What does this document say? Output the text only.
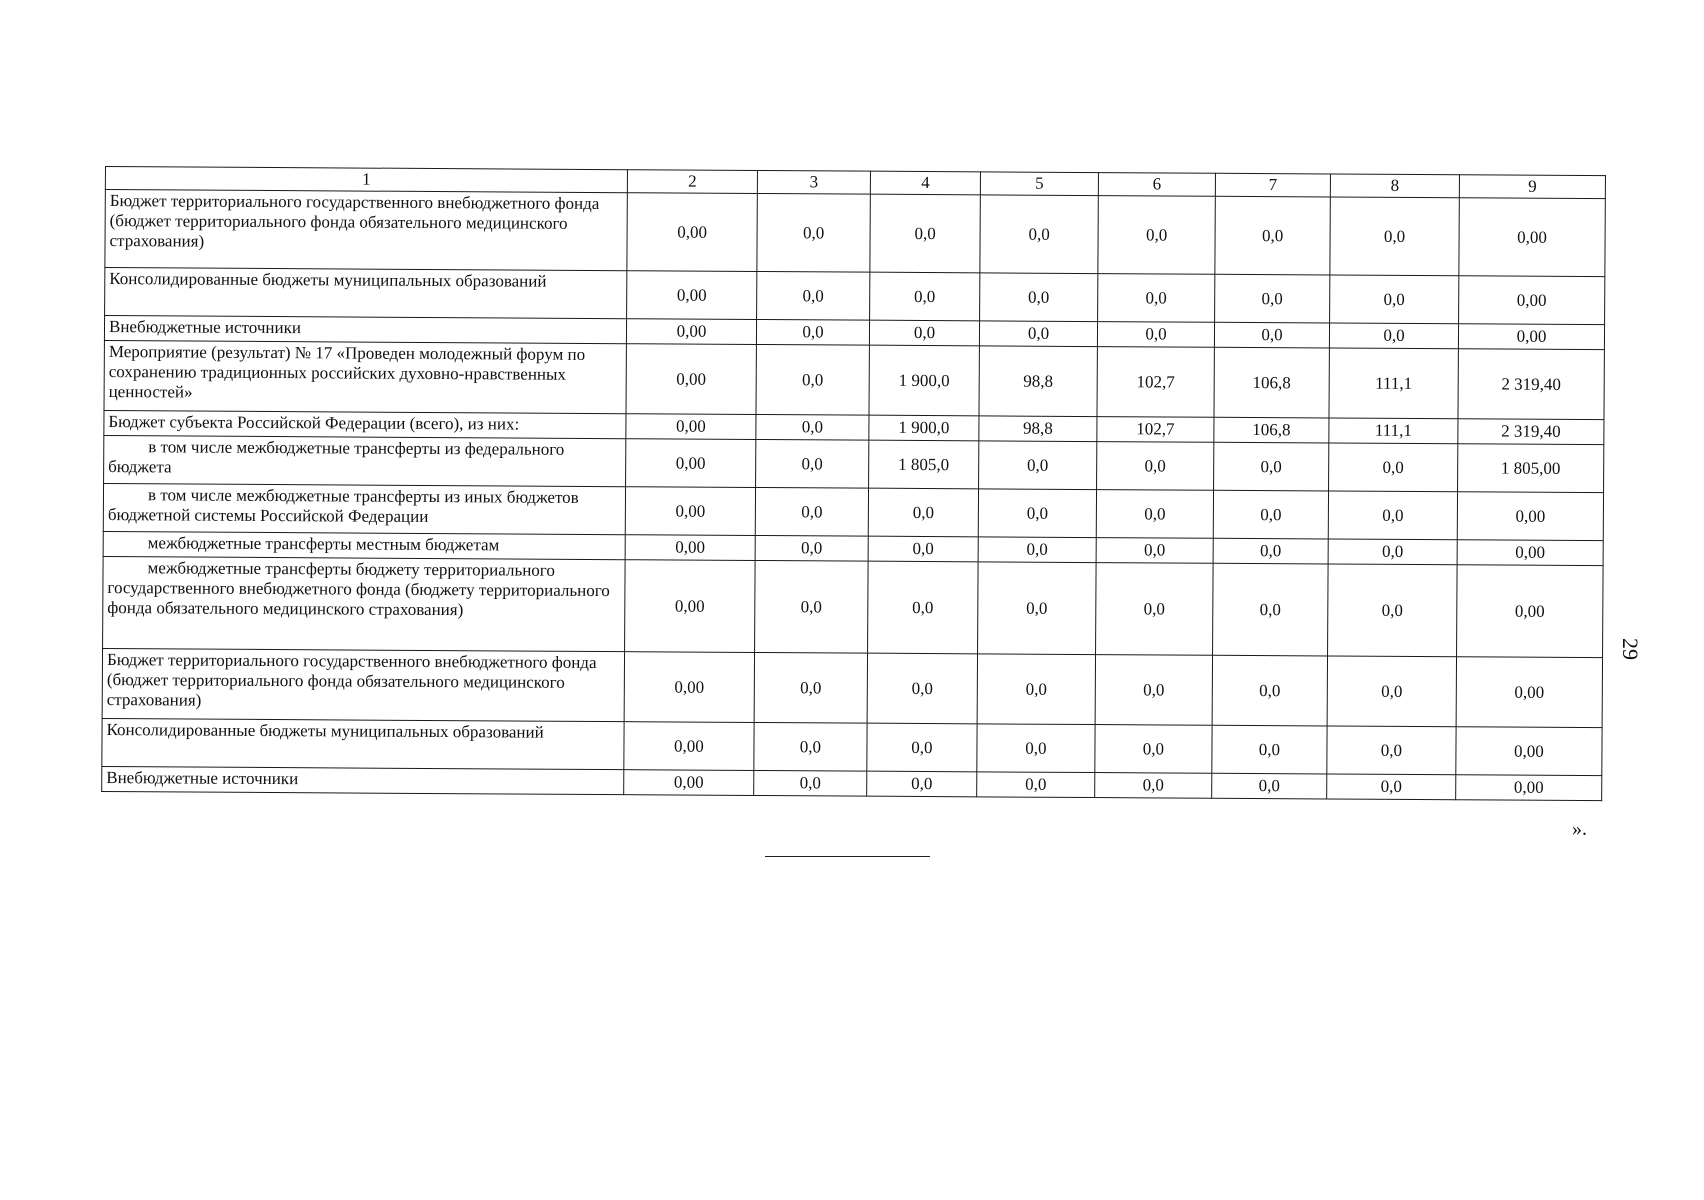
1	2	3	4	5	6	7	8	9
Бюджет территориального государственного внебюджетного фонда (бюджет территориального фонда обязательного медицинского страхования)	0,00	0,0	0,0	0,0	0,0	0,0	0,0	0,00
Консолидированные бюджеты муниципальных образований	0,00	0,0	0,0	0,0	0,0	0,0	0,0	0,00
Внебюджетные источники	0,00	0,0	0,0	0,0	0,0	0,0	0,0	0,00
Мероприятие (результат) № 17 «Проведен молодежный форум по сохранению традиционных российских духовно-нравственных ценностей»	0,00	0,0	1 900,0	98,8	102,7	106,8	111,1	2 319,40
Бюджет субъекта Российской Федерации (всего), из них:	0,00	0,0	1 900,0	98,8	102,7	106,8	111,1	2 319,40
в том числе межбюджетные трансферты из федерального бюджета	0,00	0,0	1 805,0	0,0	0,0	0,0	0,0	1 805,00
в том числе межбюджетные трансферты из иных бюджетов бюджетной системы Российской Федерации	0,00	0,0	0,0	0,0	0,0	0,0	0,0	0,00
межбюджетные трансферты местным бюджетам	0,00	0,0	0,0	0,0	0,0	0,0	0,0	0,00
межбюджетные трансферты бюджету территориального государственного внебюджетного фонда (бюджету территориального фонда обязательного медицинского страхования)	0,00	0,0	0,0	0,0	0,0	0,0	0,0	0,00
Бюджет территориального государственного внебюджетного фонда (бюджет территориального фонда обязательного медицинского страхования)	0,00	0,0	0,0	0,0	0,0	0,0	0,0	0,00
Консолидированные бюджеты муниципальных образований	0,00	0,0	0,0	0,0	0,0	0,0	0,0	0,00
Внебюджетные источники	0,00	0,0	0,0	0,0	0,0	0,0	0,0	0,00
».
29
